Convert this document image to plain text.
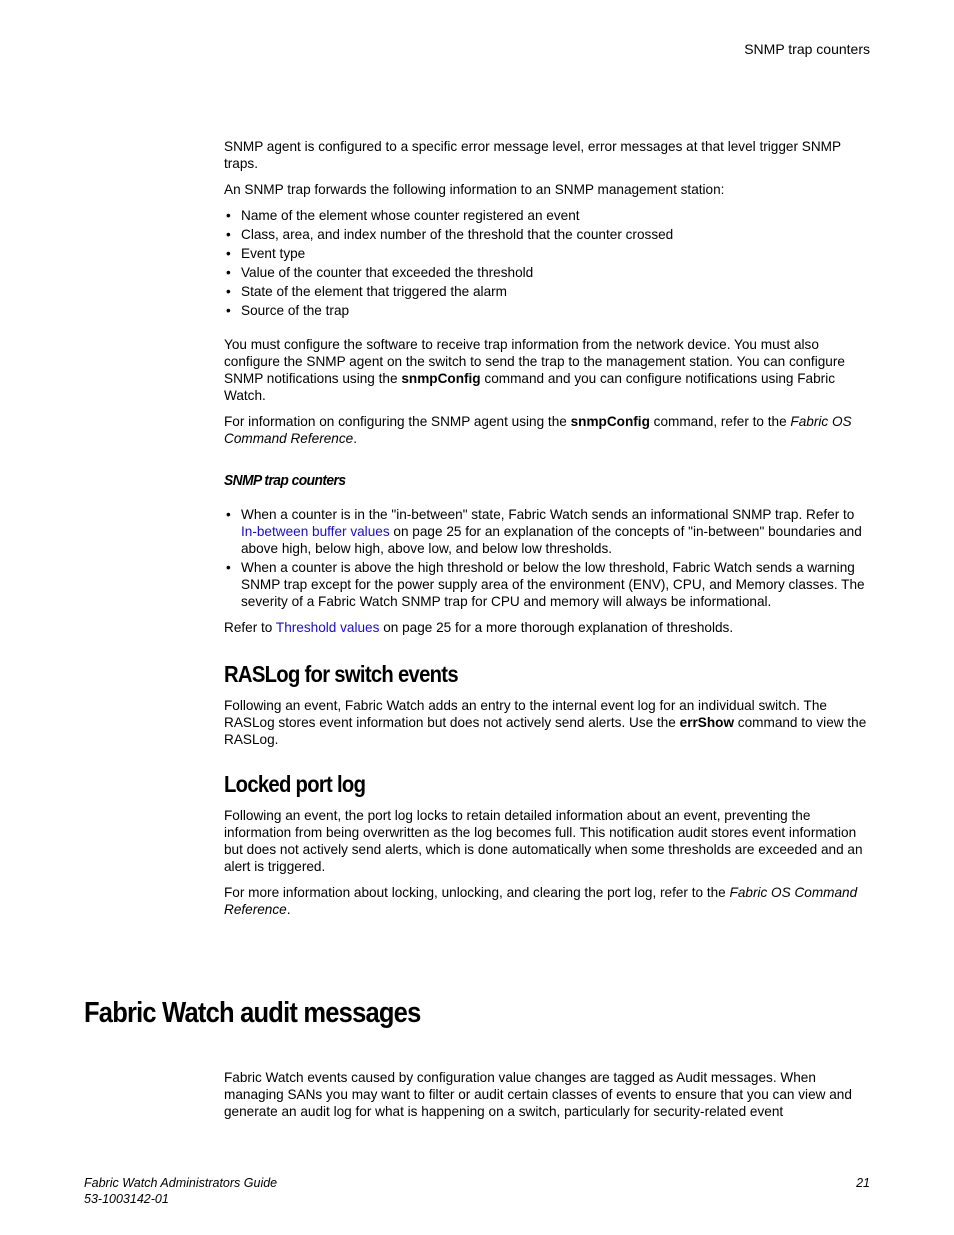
SNMP trap counters

SNMP agent is configured to a specific error message level, error messages at that level trigger SNMP traps.

An SNMP trap forwards the following information to an SNMP management station:

• Name of the element whose counter registered an event
• Class, area, and index number of the threshold that the counter crossed
• Event type
• Value of the counter that exceeded the threshold
• State of the element that triggered the alarm
• Source of the trap

You must configure the software to receive trap information from the network device. You must also configure the SNMP agent on the switch to send the trap to the management station. You can configure SNMP notifications using the snmpConfig command and you can configure notifications using Fabric Watch.

For information on configuring the SNMP agent using the snmpConfig command, refer to the Fabric OS Command Reference.

SNMP trap counters
• When a counter is in the "in-between" state, Fabric Watch sends an informational SNMP trap. Refer to In-between buffer values on page 25 for an explanation of the concepts of "in-between" boundaries and above high, below high, above low, and below low thresholds.
• When a counter is above the high threshold or below the low threshold, Fabric Watch sends a warning SNMP trap except for the power supply area of the environment (ENV), CPU, and Memory classes. The severity of a Fabric Watch SNMP trap for CPU and memory will always be informational.

Refer to Threshold values on page 25 for a more thorough explanation of thresholds.

RASLog for switch events

Following an event, Fabric Watch adds an entry to the internal event log for an individual switch. The RASLog stores event information but does not actively send alerts. Use the errShow command to view the RASLog.

Locked port log

Following an event, the port log locks to retain detailed information about an event, preventing the information from being overwritten as the log becomes full. This notification audit stores event information but does not actively send alerts, which is done automatically when some thresholds are exceeded and an alert is triggered.

For more information about locking, unlocking, and clearing the port log, refer to the Fabric OS Command Reference.

Fabric Watch audit messages

Fabric Watch events caused by configuration value changes are tagged as Audit messages. When managing SANs you may want to filter or audit certain classes of events to ensure that you can view and generate an audit log for what is happening on a switch, particularly for security-related event

Fabric Watch Administrators Guide
53-1003142-01
21
